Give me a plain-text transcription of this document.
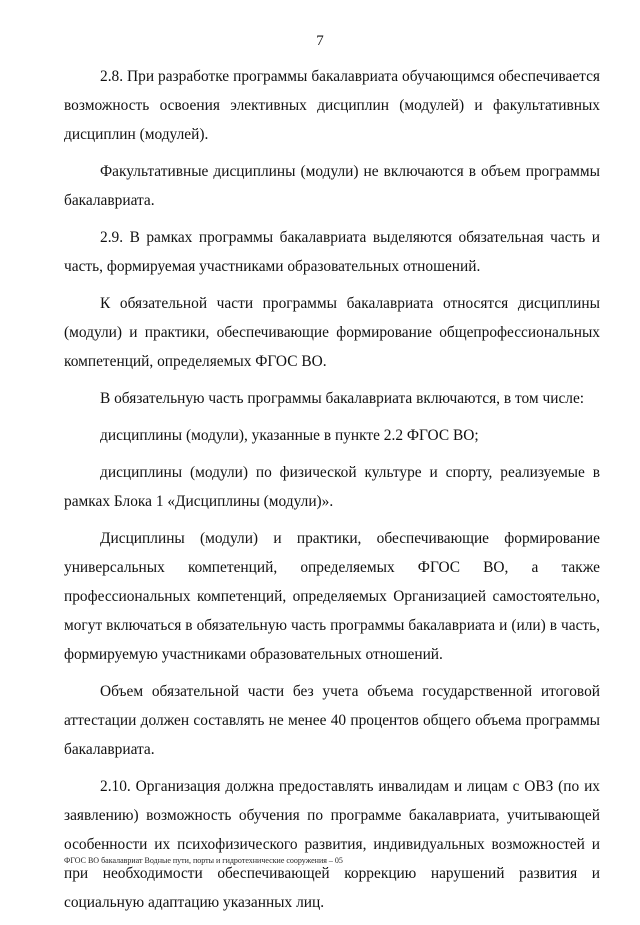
7

2.8. При разработке программы бакалавриата обучающимся обеспечивается возможность освоения элективных дисциплин (модулей) и факультативных дисциплин (модулей).

Факультативные дисциплины (модули) не включаются в объем программы бакалавриата.

2.9. В рамках программы бакалавриата выделяются обязательная часть и часть, формируемая участниками образовательных отношений.

К обязательной части программы бакалавриата относятся дисциплины (модули) и практики, обеспечивающие формирование общепрофессиональных компетенций, определяемых ФГОС ВО.

В обязательную часть программы бакалавриата включаются, в том числе:

дисциплины (модули), указанные в пункте 2.2 ФГОС ВО;

дисциплины (модули) по физической культуре и спорту, реализуемые в рамках Блока 1 «Дисциплины (модули)».

Дисциплины (модули) и практики, обеспечивающие формирование универсальных компетенций, определяемых ФГОС ВО, а также профессиональных компетенций, определяемых Организацией самостоятельно, могут включаться в обязательную часть программы бакалавриата и (или) в часть, формируемую участниками образовательных отношений.

Объем обязательной части без учета объема государственной итоговой аттестации должен составлять не менее 40 процентов общего объема программы бакалавриата.

2.10. Организация должна предоставлять инвалидам и лицам с ОВЗ (по их заявлению) возможность обучения по программе бакалавриата, учитывающей особенности их психофизического развития, индивидуальных возможностей и при необходимости обеспечивающей коррекцию нарушений развития и социальную адаптацию указанных лиц.

ФГОС ВО бакалавриат Водные пути, порты и гидротехнические сооружения – 05
